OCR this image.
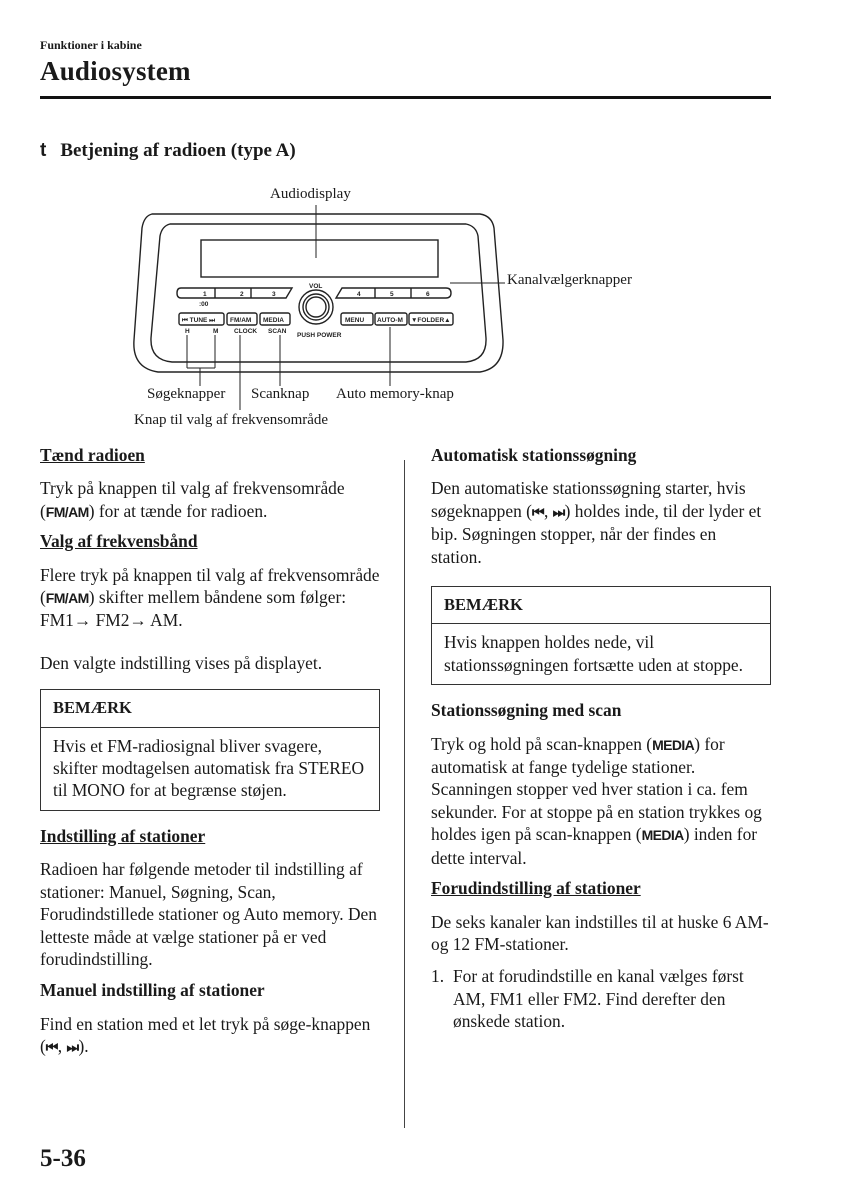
Funktioner i kabine
Audiosystem
t Betjening af radioen (type A)
Audiodisplay
Kanalvælgerknapper
Søgeknapper Scanknap Auto memory-knap
Knap til valg af frekvensområde
1	2	3	4	5	6
:00
⏮ TUNE ⏭ FM/AM MEDIA	MENU AUTO-M ▼FOLDER▲
H	M CLOCK SCAN
VOL
PUSH POWER

Tænd radioen

Tryk på knappen til valg af frekvensområde (FM/AM) for at tænde for radioen.

Valg af frekvensbånd

Flere tryk på knappen til valg af frekvensområde (FM/AM) skifter mellem båndene som følger: FM1→ FM2→ AM.

Den valgte indstilling vises på displayet.

BEMÆRK
Hvis et FM-radiosignal bliver svagere, skifter modtagelsen automatisk fra STEREO til MONO for at begrænse støjen.

Indstilling af stationer

Radioen har følgende metoder til indstilling af stationer: Manuel, Søgning, Scan, Forudindstillede stationer og Auto memory. Den letteste måde at vælge stationer på er ved forudindstilling.

Manuel indstilling af stationer

Find en station med et let tryk på søge-knappen (⏮, ⏭).

Automatisk stationssøgning

Den automatiske stationssøgning starter, hvis søgeknappen (⏮, ⏭) holdes inde, til der lyder et bip. Søgningen stopper, når der findes en station.

BEMÆRK
Hvis knappen holdes nede, vil stationssøgningen fortsætte uden at stoppe.

Stationssøgning med scan

Tryk og hold på scan-knappen (MEDIA) for automatisk at fange tydelige stationer. Scanningen stopper ved hver station i ca. fem sekunder. For at stoppe på en station trykkes og holdes igen på scan-knappen (MEDIA) inden for dette interval.

Forudindstilling af stationer

De seks kanaler kan indstilles til at huske 6 AM- og 12 FM-stationer.

1. For at forudindstille en kanal vælges først AM, FM1 eller FM2. Find derefter den ønskede station.
5-36
